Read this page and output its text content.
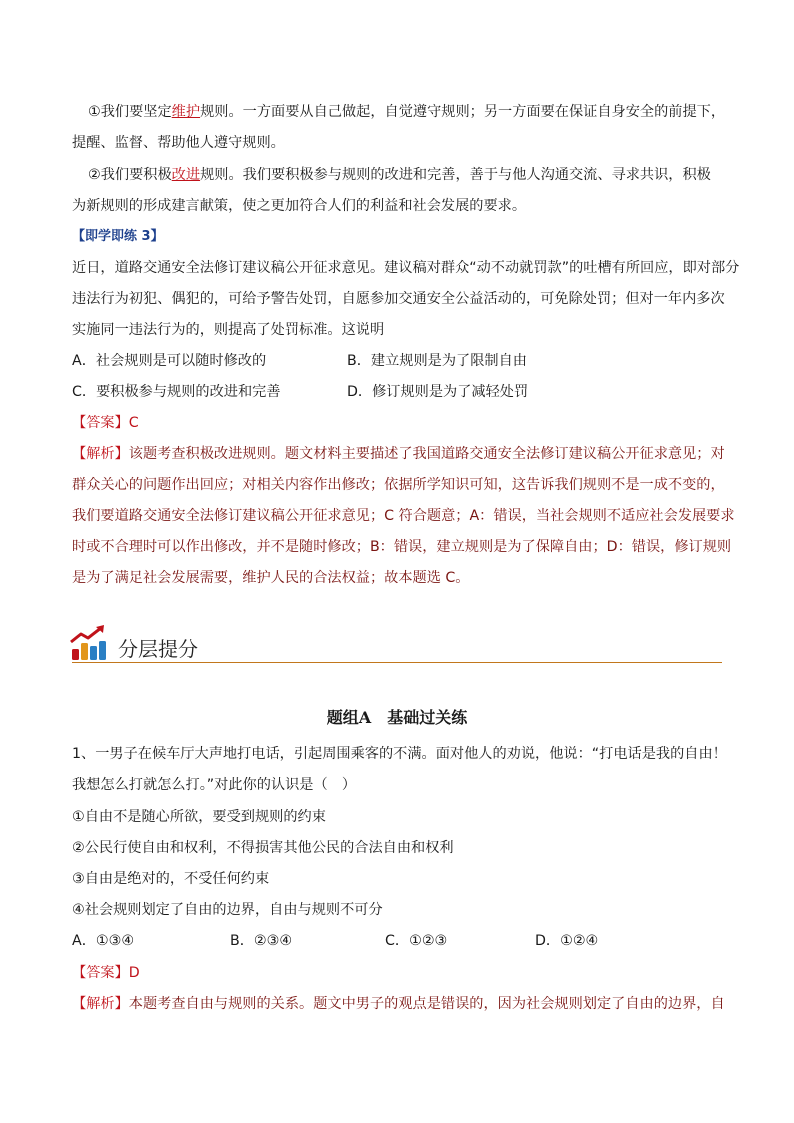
①我们要坚定维护规则。一方面要从自己做起，自觉遵守规则；另一方面要在保证自身安全的前提下，
提醒、监督、帮助他人遵守规则。
②我们要积极改进规则。我们要积极参与规则的改进和完善，善于与他人沟通交流、寻求共识，积极
为新规则的形成建言献策，使之更加符合人们的利益和社会发展的要求。
【即学即练 3】
近日，道路交通安全法修订建议稿公开征求意见。建议稿对群众“动不动就罚款”的吐槽有所回应，即对部分
违法行为初犯、偶犯的，可给予警告处罚，自愿参加交通安全公益活动的，可免除处罚；但对一年内多次
实施同一违法行为的，则提高了处罚标准。这说明
A．社会规则是可以随时修改的	B．建立规则是为了限制自由
C．要积极参与规则的改进和完善	D．修订规则是为了减轻处罚
【答案】C
【解析】该题考查积极改进规则。题文材料主要描述了我国道路交通安全法修订建议稿公开征求意见；对
群众关心的问题作出回应；对相关内容作出修改；依据所学知识可知，这告诉我们规则不是一成不变的，
我们要道路交通安全法修订建议稿公开征求意见；C 符合题意；A：错误，当社会规则不适应社会发展要求
时或不合理时可以作出修改，并不是随时修改；B：错误，建立规则是为了保障自由；D：错误，修订规则
是为了满足社会发展需要，维护人民的合法权益；故本题选 C。
分层提分
题组A　基础过关练
1、一男子在候车厅大声地打电话，引起周围乘客的不满。面对他人的劝说，他说：“打电话是我的自由！
我想怎么打就怎么打。”对此你的认识是（　）
①自由不是随心所欲，要受到规则的约束
②公民行使自由和权利，不得损害其他公民的合法自由和权利
③自由是绝对的，不受任何约束
④社会规则划定了自由的边界，自由与规则不可分
A．①③④	B．②③④	C．①②③	D．①②④
【答案】D
【解析】本题考查自由与规则的关系。题文中男子的观点是错误的，因为社会规则划定了自由的边界，自
